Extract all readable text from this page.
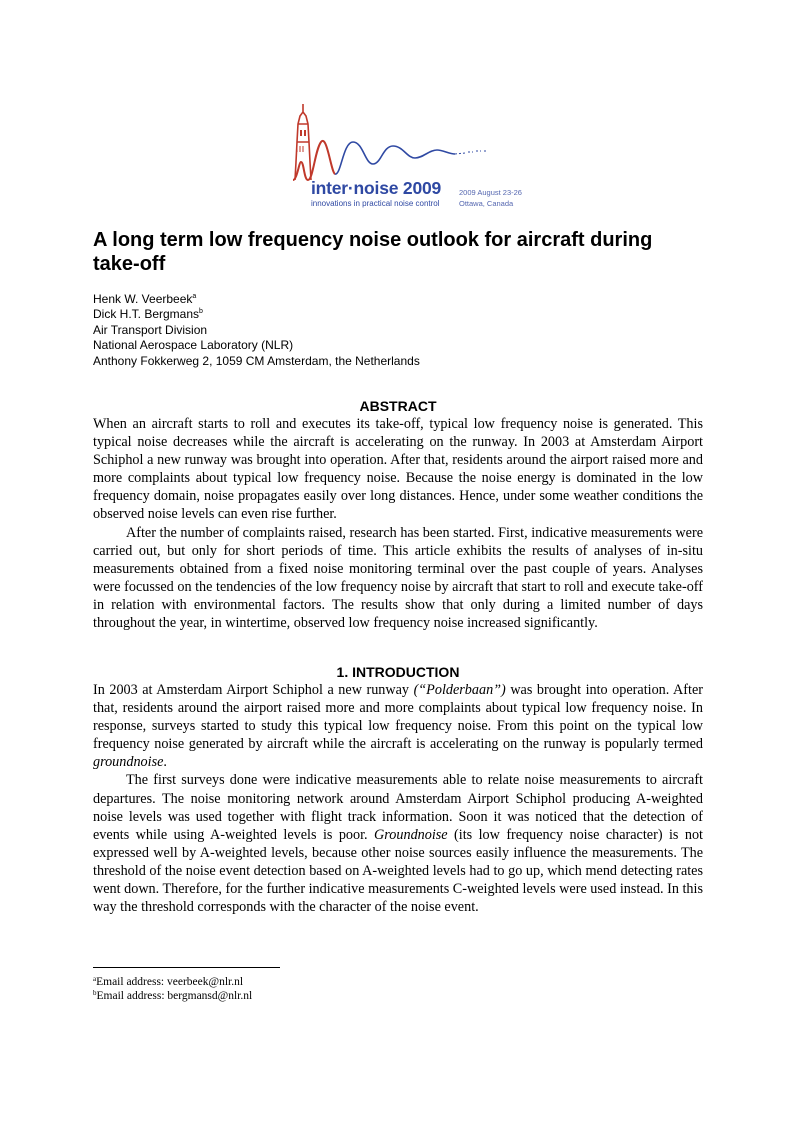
inter·noise 2009
innovations in practical noise control
2009 August 23-26
Ottawa, Canada
A long term low frequency noise outlook for aircraft during take-off
Henk W. Veerbeek$^a$
Dick H.T. Bergmans$^b$
Air Transport Division
National Aerospace Laboratory (NLR)
Anthony Fokkerweg 2, 1059 CM Amsterdam, the Netherlands
ABSTRACT

When an aircraft starts to roll and executes its take-off, typical low frequency noise is generated. This typical noise decreases while the aircraft is accelerating on the runway. In 2003 at Amsterdam Airport Schiphol a new runway was brought into operation. After that, residents around the airport raised more and more complaints about typical low frequency noise. Because the noise energy is dominated in the low frequency domain, noise propagates easily over long distances. Hence, under some weather conditions the observed noise levels can even rise further.

After the number of complaints raised, research has been started. First, indicative measurements were carried out, but only for short periods of time. This article exhibits the results of analyses of in-situ measurements obtained from a fixed noise monitoring terminal over the past couple of years. Analyses were focussed on the tendencies of the low frequency noise by aircraft that start to roll and execute take-off in relation with environmental factors. The results show that only during a limited number of days throughout the year, in wintertime, observed low frequency noise increased significantly.

1. INTRODUCTION

In 2003 at Amsterdam Airport Schiphol a new runway (“Polderbaan”) was brought into operation. After that, residents around the airport raised more and more complaints about typical low frequency noise. In response, surveys started to study this typical low frequency noise. From this point on the typical low frequency noise generated by aircraft while the aircraft is accelerating on the runway is popularly termed groundnoise.

The first surveys done were indicative measurements able to relate noise measurements to aircraft departures. The noise monitoring network around Amsterdam Airport Schiphol producing A-weighted noise levels was used together with flight track information. Soon it was noticed that the detection of events while using A-weighted levels is poor. Groundnoise (its low frequency noise character) is not expressed well by A-weighted levels, because other noise sources easily influence the measurements. The threshold of the noise event detection based on A-weighted levels had to go up, which mend detecting rates went down. Therefore, for the further indicative measurements C-weighted levels were used instead. In this way the threshold corresponds with the character of the noise event.

$^a$Email address: veerbeek@nlr.nl
$^b$Email address: bergmansd@nlr.nl
